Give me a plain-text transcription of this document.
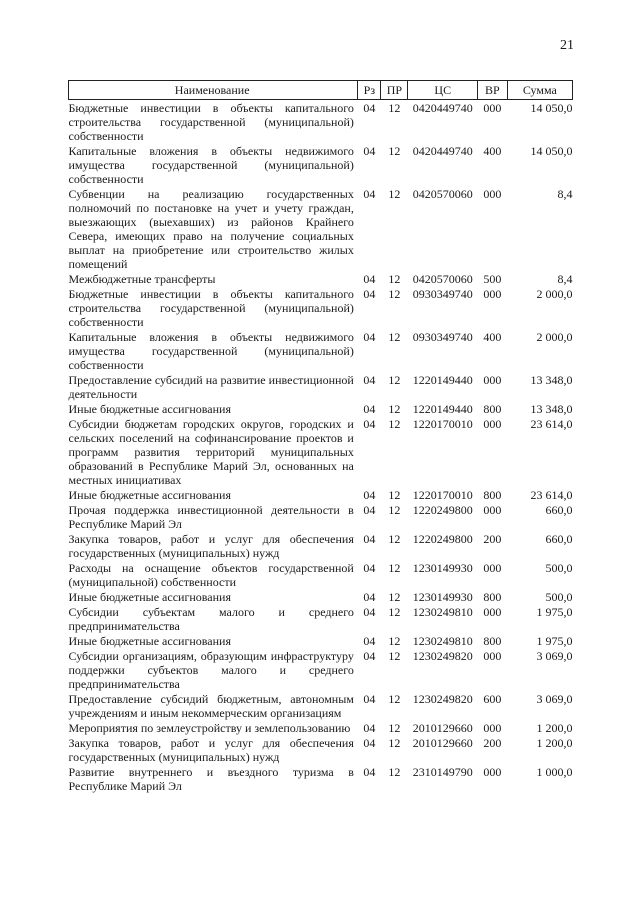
21
Наименование	Рз	ПР	ЦС	ВР	Сумма
Бюджетные инвестиции в объекты капитального строительства государственной (муниципальной) собственности	04	12	0420449740	000	14 050,0
Капитальные вложения в объекты недвижимого имущества государственной (муниципальной) собственности	04	12	0420449740	400	14 050,0
Субвенции на реализацию государственных полномочий по постановке на учет и учету граждан, выезжающих (выехавших) из районов Крайнего Севера, имеющих право на получение социальных выплат на приобретение или строительство жилых помещений	04	12	0420570060	000	8,4
Межбюджетные трансферты	04	12	0420570060	500	8,4
Бюджетные инвестиции в объекты капитального строительства государственной (муниципальной) собственности	04	12	0930349740	000	2 000,0
Капитальные вложения в объекты недвижимого имущества государственной (муниципальной) собственности	04	12	0930349740	400	2 000,0
Предоставление субсидий на развитие инвестиционной деятельности	04	12	1220149440	000	13 348,0
Иные бюджетные ассигнования	04	12	1220149440	800	13 348,0
Субсидии бюджетам городских округов, городских и сельских поселений на софинансирование проектов и программ развития территорий муниципальных образований в Республике Марий Эл, основанных на местных инициативах	04	12	1220170010	000	23 614,0
Иные бюджетные ассигнования	04	12	1220170010	800	23 614,0
Прочая поддержка инвестиционной деятельности в Республике Марий Эл	04	12	1220249800	000	660,0
Закупка товаров, работ и услуг для обеспечения государственных (муниципальных) нужд	04	12	1220249800	200	660,0
Расходы на оснащение объектов государственной (муниципальной) собственности	04	12	1230149930	000	500,0
Иные бюджетные ассигнования	04	12	1230149930	800	500,0
Субсидии субъектам малого и среднего предпринимательства	04	12	1230249810	000	1 975,0
Иные бюджетные ассигнования	04	12	1230249810	800	1 975,0
Субсидии организациям, образующим инфраструктуру поддержки субъектов малого и среднего предпринимательства	04	12	1230249820	000	3 069,0
Предоставление субсидий бюджетным, автономным учреждениям и иным некоммерческим организациям	04	12	1230249820	600	3 069,0
Мероприятия по землеустройству и землепользованию	04	12	2010129660	000	1 200,0
Закупка товаров, работ и услуг для обеспечения государственных (муниципальных) нужд	04	12	2010129660	200	1 200,0
Развитие внутреннего и въездного туризма в Республике Марий Эл	04	12	2310149790	000	1 000,0
